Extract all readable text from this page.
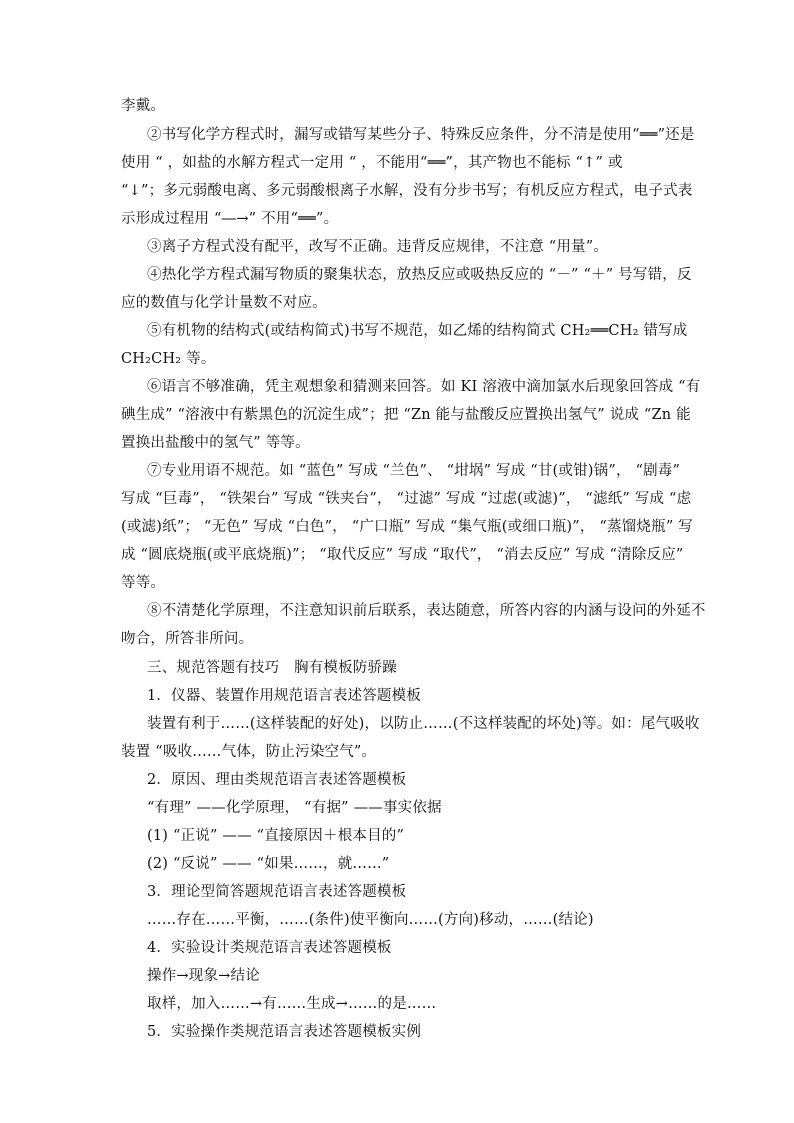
李戴。
②书写化学方程式时，漏写或错写某些分子、特殊反应条件，分不清是使用“══”还是
使用 “ ，如盐的水解方程式一定用 “ ，不能用“══”，其产物也不能标 “↑” 或
“↓”；多元弱酸电离、多元弱酸根离子水解，没有分步书写；有机反应方程式，电子式表
示形成过程用 “―→” 不用“══”。
③离子方程式没有配平，改写不正确。违背反应规律，不注意 “用量”。
④热化学方程式漏写物质的聚集状态，放热反应或吸热反应的 “－” “＋” 号写错，反
应的数值与化学计量数不对应。
⑤有机物的结构式(或结构简式)书写不规范，如乙烯的结构简式 CH₂══CH₂ 错写成
CH₂CH₂ 等。
⑥语言不够准确，凭主观想象和猜测来回答。如 KI 溶液中滴加氯水后现象回答成 “有
碘生成” “溶液中有紫黑色的沉淀生成”；把 “Zn 能与盐酸反应置换出氢气” 说成 “Zn 能
置换出盐酸中的氢气” 等等。
⑦专业用语不规范。如 “蓝色” 写成 “兰色”、 “坩埚” 写成 “甘(或钳)锅”， “剧毒”
写成 “巨毒”， “铁架台” 写成 “铁夹台”， “过滤” 写成 “过虑(或滤)”， “滤纸” 写成 “虑
(或滤)纸”； “无色” 写成 “白色”， “广口瓶” 写成 “集气瓶(或细口瓶)”， “蒸馏烧瓶” 写
成 “圆底烧瓶(或平底烧瓶)”； “取代反应” 写成 “取代”， “消去反应” 写成 “清除反应”
等等。
⑧不清楚化学原理，不注意知识前后联系，表达随意，所答内容的内涵与设问的外延不
吻合，所答非所问。
三、规范答题有技巧　胸有模板防骄躁
1．仪器、装置作用规范语言表述答题模板
装置有利于……(这样装配的好处)，以防止……(不这样装配的坏处)等。如：尾气吸收
装置 “吸收……气体，防止污染空气”。
2．原因、理由类规范语言表述答题模板
“有理” ——化学原理， “有据” ——事实依据
(1) “正说” —— “直接原因＋根本目的”
(2) “反说” —— “如果……，就……”
3．理论型简答题规范语言表述答题模板
……存在……平衡，……(条件)使平衡向……(方向)移动，……(结论)
4．实验设计类规范语言表述答题模板
操作→现象→结论
取样，加入……→有……生成→……的是……
5．实验操作类规范语言表述答题模板实例
